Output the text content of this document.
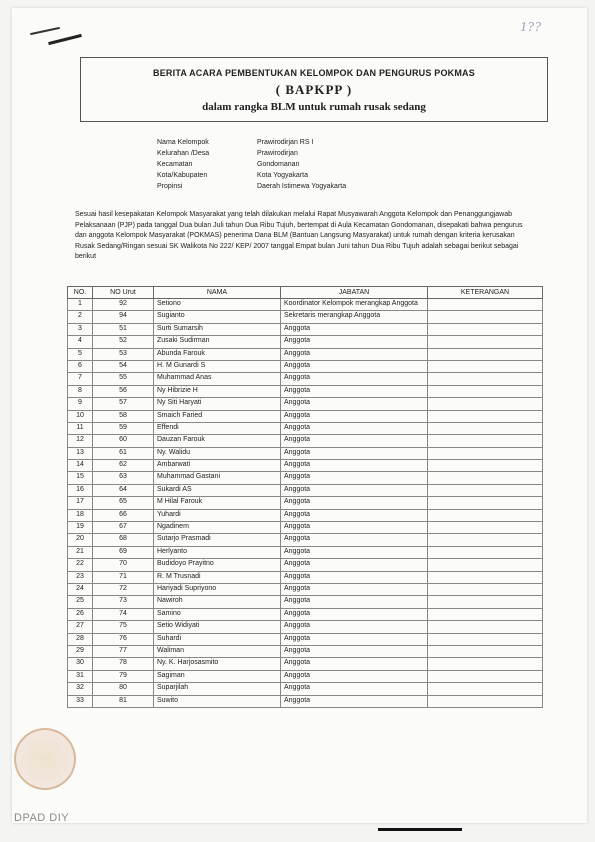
1??
BERITA ACARA PEMBENTUKAN KELOMPOK DAN PENGURUS POKMAS
( BAPKPP )
dalam rangka BLM untuk rumah rusak sedang
Nama Kelompok	Prawirodirjan RS I
Kelurahan /Desa	Prawirodirjan
Kecamatan	Gondomanan
Kota/Kabupaten	Kota Yogyakarta
Propinsi	Daerah Istimewa Yogyakarta
Sesuai hasil kesepakatan Kelompok Masyarakat yang telah dilakukan melalui Rapat Musyawarah Anggota Kelompok dan Penanggungjawab Pelaksanaan (PJP) pada tanggal Dua bulan Juli tahun Dua Ribu Tujuh, bertempat di Aula Kecamatan Gondomanan, disepakati bahwa pengurus dan anggota Kelompok Masyarakat (POKMAS) penerima Dana BLM (Bantuan Langsung Masyarakat) untuk rumah dengan kriteria kerusakan Rusak Sedang/Ringan sesuai SK Walikota No 222/ KEP/ 2007 tanggal Empat bulan Juni tahun Dua Ribu Tujuh adalah sebagai berikut sebagai berikut
NO.	NO Urut	NAMA	JABATAN	KETERANGAN
1	92	Setiono	Koordinator Kelompok merangkap Anggota	
2	94	Sugianto	Sekretaris merangkap Anggota	
3	51	Surti Sumarsih	Anggota	
4	52	Zusaki Sudirman	Anggota	
5	53	Abunda Farouk	Anggota	
6	54	H. M Gunardi S	Anggota	
7	55	Muhammad Anas	Anggota	
8	56	Ny Hibrizie H	Anggota	
9	57	Ny Siti Haryati	Anggota	
10	58	Smaich Faried	Anggota	
11	59	Effendi	Anggota	
12	60	Dauzan Farouk	Anggota	
13	61	Ny. Walidu	Anggota	
14	62	Ambarwati	Anggota	
15	63	Muhammad Gastani	Anggota	
16	64	Sukardi AS	Anggota	
17	65	M Hilal Farouk	Anggota	
18	66	Yuhardi	Anggota	
19	67	Ngadinem	Anggota	
20	68	Sutarjo Prasmadi	Anggota	
21	69	Herlyanto	Anggota	
22	70	Budidoyo Prayitno	Anggota	
23	71	R. M Trusnadi	Anggota	
24	72	Hariyadi Supriyono	Anggota	
25	73	Nawiroh	Anggota	
26	74	Samino	Anggota	
27	75	Setio Widiyati	Anggota	
28	76	Suhardi	Anggota	
29	77	Waliman	Anggota	
30	78	Ny. K. Harjosasmito	Anggota	
31	79	Sagiman	Anggota	
32	80	Suparjilah	Anggota	
33	81	Suwito	Anggota	
DPAD DIY
